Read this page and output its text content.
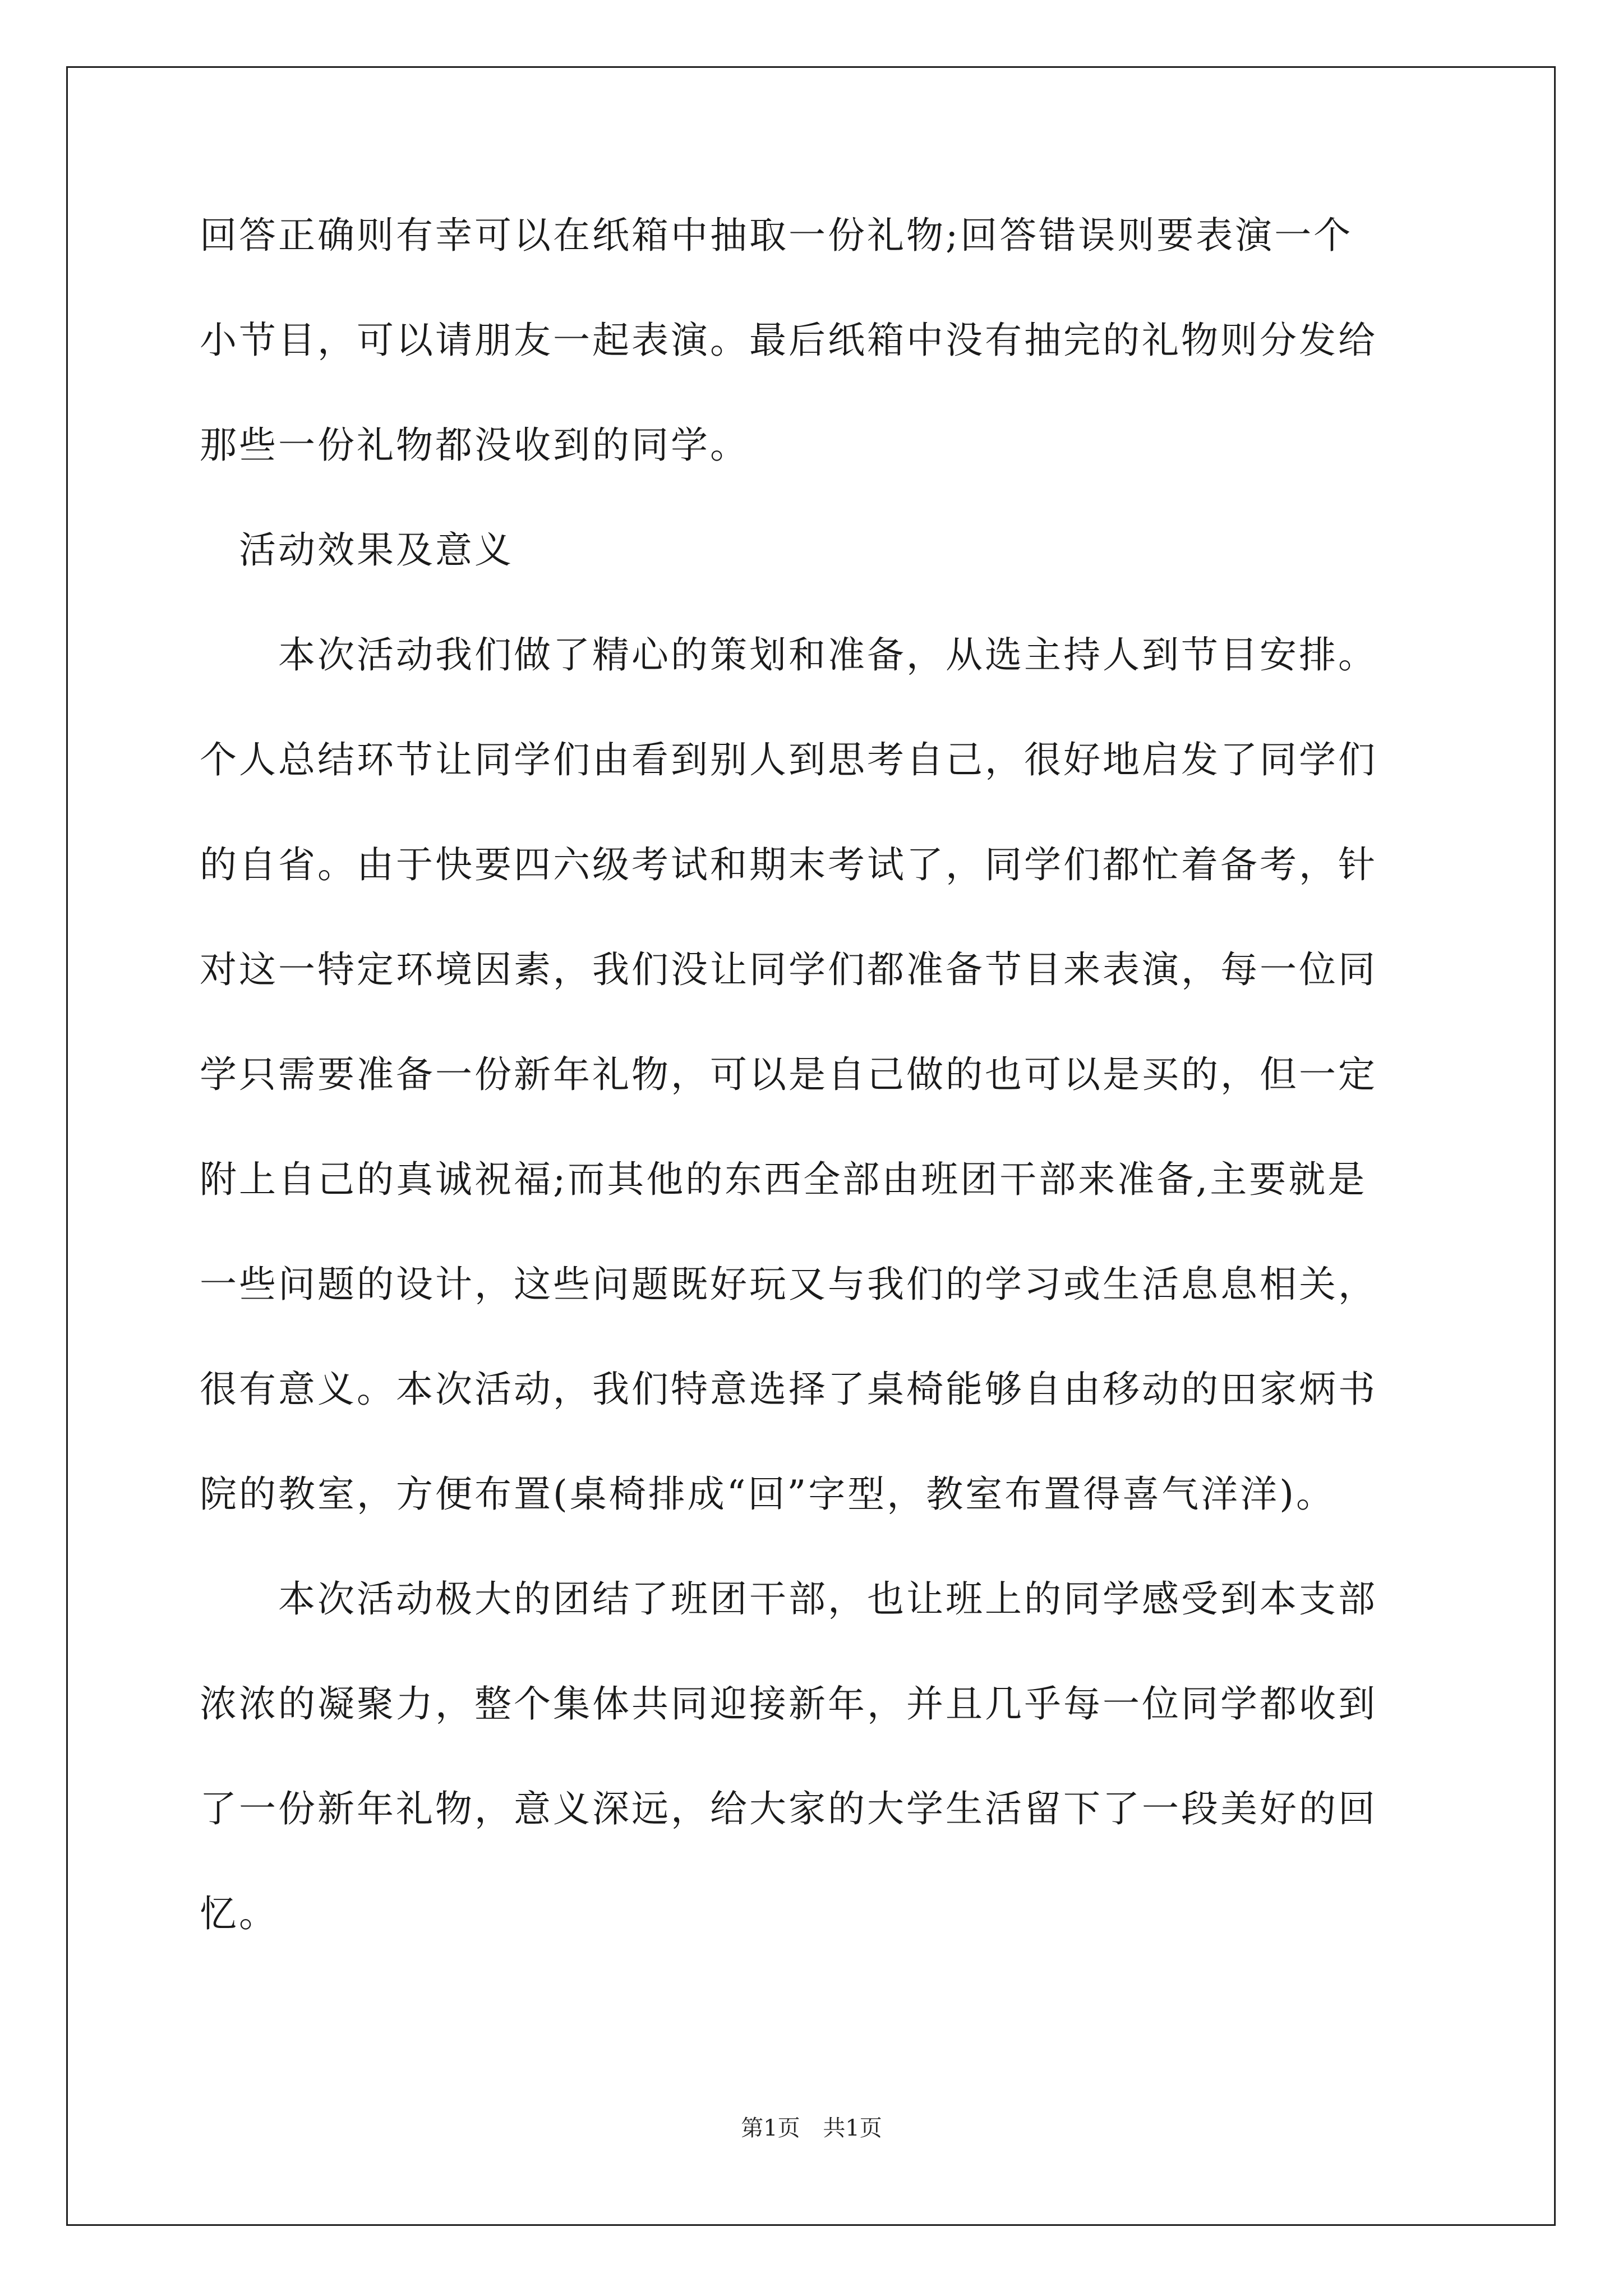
回答正确则有幸可以在纸箱中抽取一份礼物;回答错误则要表演一个
小节目，可以请朋友一起表演。最后纸箱中没有抽完的礼物则分发给
那些一份礼物都没收到的同学。
活动效果及意义
本次活动我们做了精心的策划和准备，从选主持人到节目安排。
个人总结环节让同学们由看到别人到思考自己，很好地启发了同学们
的自省。由于快要四六级考试和期末考试了，同学们都忙着备考，针
对这一特定环境因素，我们没让同学们都准备节目来表演，每一位同
学只需要准备一份新年礼物，可以是自己做的也可以是买的，但一定
附上自己的真诚祝福;而其他的东西全部由班团干部来准备,主要就是
一些问题的设计，这些问题既好玩又与我们的学习或生活息息相关，
很有意义。本次活动，我们特意选择了桌椅能够自由移动的田家炳书
院的教室，方便布置(桌椅排成“回”字型，教室布置得喜气洋洋)。
本次活动极大的团结了班团干部，也让班上的同学感受到本支部
浓浓的凝聚力，整个集体共同迎接新年，并且几乎每一位同学都收到
了一份新年礼物，意义深远，给大家的大学生活留下了一段美好的回
忆。
第1页 共1页
